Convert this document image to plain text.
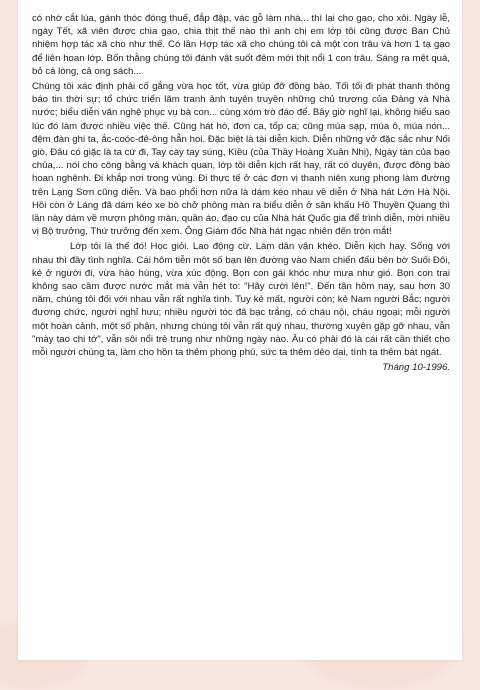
có nhờ cắt lúa, gánh thóc đóng thuế, đắp đập, vác gỗ làm nhà... thì lại cho gạo, cho xôi. Ngày lễ, ngày Tết, xã viên được chia gạo, chia thịt thế nào thì anh chị em lớp tôi cũng được Ban Chủ nhiệm hợp tác xã cho như thế. Có lần Hợp tác xã cho chúng tôi cả một con trâu và hơn 1 tạ gạo để liên hoan lớp. Bốn thằng chúng tôi đánh vật suốt đêm mới thịt nổi 1 con trâu. Sáng ra mệt quá, bỏ cả lòng, cả ong sách...

Chúng tôi xác định phải cố gắng vừa học tốt, vừa giúp đỡ đồng bào. Tối tối đi phát thanh thông báo tin thời sự; tổ chức triển lãm tranh ảnh tuyên truyền những chủ trương của Đảng và Nhà nước; biểu diễn văn nghệ phục vụ bà con... cùng xóm trò đáo để. Bây giờ nghĩ lại, không hiểu sao lúc đó làm được nhiều việc thế. Cũng hát hò, đơn ca, tốp ca; cũng múa sạp, múa ô, múa nón... đệm đàn ghi ta, ắc-coóc-đê-ông hẳn hoi. Đặc biệt là tài diễn kịch. Diễn những vở đặc sắc như Nối giò, Đâu có giặc là ta cứ đi, Tay cày tay súng, Kiều (của Thầy Hoàng Xuân Nhị), Ngày tàn của bạo chúa,... nói cho công bằng và khách quan, lớp tôi diễn kịch rất hay, rất có duyên, được đồng bào hoan nghênh. Đi khắp nơi trong vùng. Đi thực tế ở các đơn vị thanh niên xung phong làm đường trên Lạng Sơn cũng diễn. Và bạo phổi hơn nữa là dám kéo nhau về diễn ở Nhà hát Lớn Hà Nội. Hồi còn ở Láng đã dám kéo xe bò chở phông màn ra biểu diễn ở sân khấu Hồ Thuyền Quang thì lần này dám về mượn phông màn, quần áo, đạo cụ của Nhà hát Quốc gia để trình diễn, mời nhiều vị Bộ trưởng, Thứ trưởng đến xem. Ông Giám đốc Nhà hát ngạc nhiên đến tròn mắt!

Lớp tôi là thế đó! Học giỏi. Lao động cừ. Làm dân vận khéo. Diễn kịch hay. Sống với nhau thì đầy tình nghĩa. Cái hôm tiễn một số bạn lên đường vào Nam chiến đấu bên bờ Suối Đôi, kẻ ở người đi, vừa hào hùng, vừa xúc động. Bọn con gái khóc như mưa như gió. Bọn con trai không sao cầm được nước mắt mà vẫn hét to: "Hãy cười lên!". Đến tận hôm nay, sau hơn 30 năm, chúng tôi đối với nhau vẫn rất nghĩa tình. Tuy kẻ mất, người còn; kẻ Nam người Bắc; người đương chức, người nghỉ hưu; nhiều người tóc đã bạc trắng, có cháu nội, cháu ngoại; mỗi người một hoàn cảnh, một số phận, nhưng chúng tôi vẫn rất quý nhau, thường xuyên gặp gỡ nhau, vẫn "mày tao chi tớ", vẫn sôi nổi trẻ trung như những ngày nào. Âu có phải đó là cái rất cần thiết cho mỗi người chúng ta, làm cho hồn ta thêm phong phú, sức ta thêm dẻo dai, tình ta thêm bát ngát.

Tháng 10-1996.
